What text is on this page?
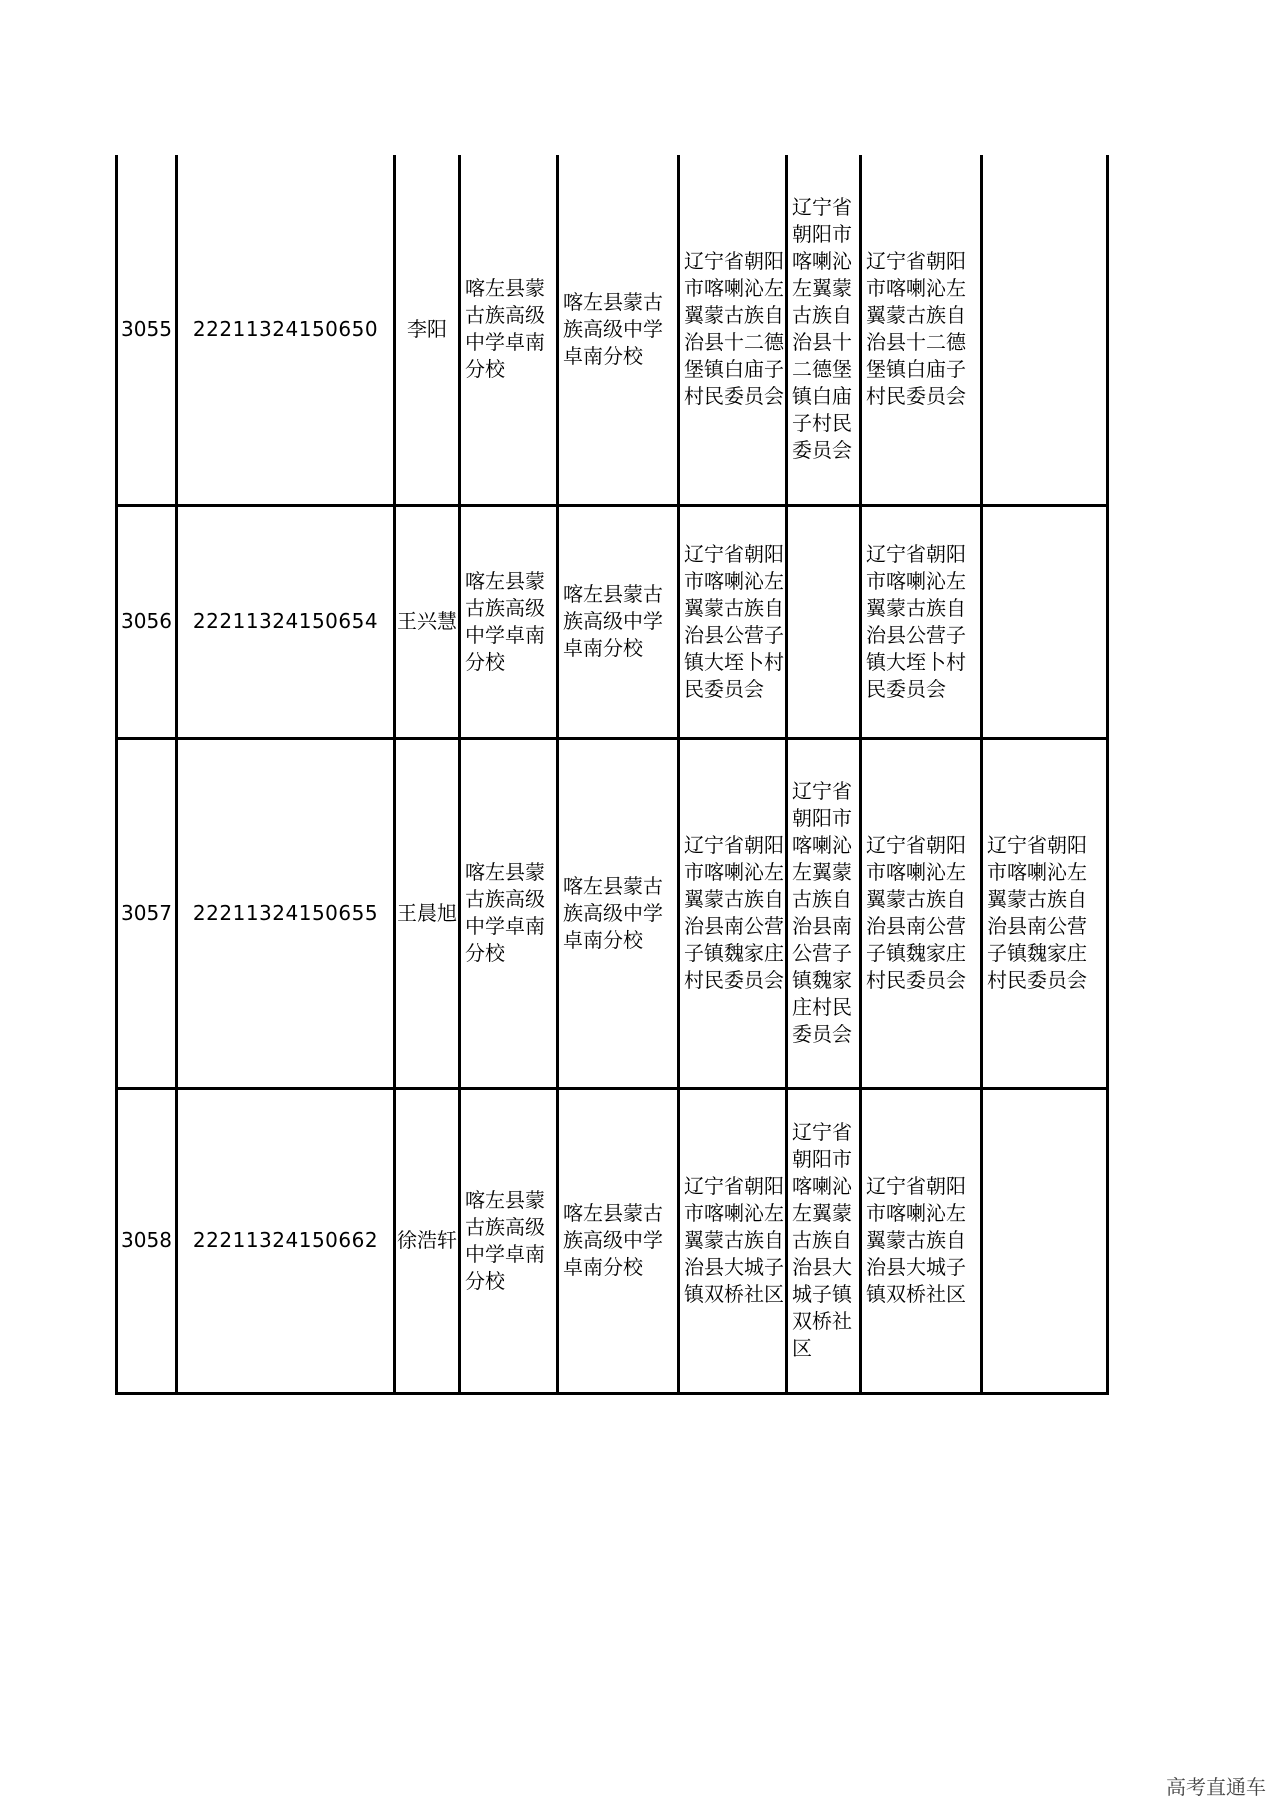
3055	22211324150650	李阳	喀左县蒙古族高级中学卓南分校	喀左县蒙古族高级中学卓南分校	辽宁省朝阳市喀喇沁左翼蒙古族自治县十二德堡镇白庙子村民委员会	辽宁省朝阳市喀喇沁左翼蒙古族自治县十二德堡镇白庙子村民委员会	辽宁省朝阳市喀喇沁左翼蒙古族自治县十二德堡镇白庙子村民委员会	
3056	22211324150654	王兴慧	喀左县蒙古族高级中学卓南分校	喀左县蒙古族高级中学卓南分校	辽宁省朝阳市喀喇沁左翼蒙古族自治县公营子镇大垤卜村民委员会		辽宁省朝阳市喀喇沁左翼蒙古族自治县公营子镇大垤卜村民委员会	
3057	22211324150655	王晨旭	喀左县蒙古族高级中学卓南分校	喀左县蒙古族高级中学卓南分校	辽宁省朝阳市喀喇沁左翼蒙古族自治县南公营子镇魏家庄村民委员会	辽宁省朝阳市喀喇沁左翼蒙古族自治县南公营子镇魏家庄村民委员会	辽宁省朝阳市喀喇沁左翼蒙古族自治县南公营子镇魏家庄村民委员会	辽宁省朝阳市喀喇沁左翼蒙古族自治县南公营子镇魏家庄村民委员会
3058	22211324150662	徐浩轩	喀左县蒙古族高级中学卓南分校	喀左县蒙古族高级中学卓南分校	辽宁省朝阳市喀喇沁左翼蒙古族自治县大城子镇双桥社区	辽宁省朝阳市喀喇沁左翼蒙古族自治县大城子镇双桥社区	辽宁省朝阳市喀喇沁左翼蒙古族自治县大城子镇双桥社区	
高考直通车
